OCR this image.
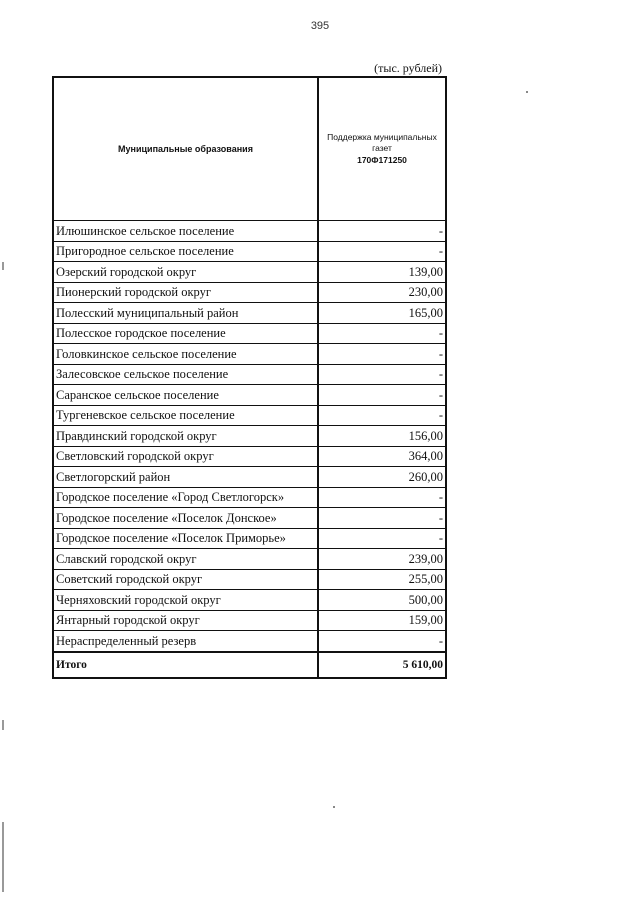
395
(тыс. рублей)
Муниципальные образования	Поддержка муниципальных газет
170Ф171250

Илюшинское сельское поселение	-
Пригородное сельское поселение	-
Озерский городской округ	139,00
Пионерский городской округ	230,00
Полесский муниципальный район	165,00
Полесское городское поселение	-
Головкинское сельское поселение	-
Залесовское сельское поселение	-
Саранское сельское поселение	-
Тургеневское сельское поселение	-
Правдинский городской округ	156,00
Светловский городской округ	364,00
Светлогорский район	260,00
Городское поселение «Город Светлогорск»	-
Городское поселение «Поселок Донское»	-
Городское поселение «Поселок Приморье»	-
Славский городской округ	239,00
Советский городской округ	255,00
Черняховский городской округ	500,00
Янтарный городской округ	159,00
Нераспределенный резерв	-
Итого	5 610,00
